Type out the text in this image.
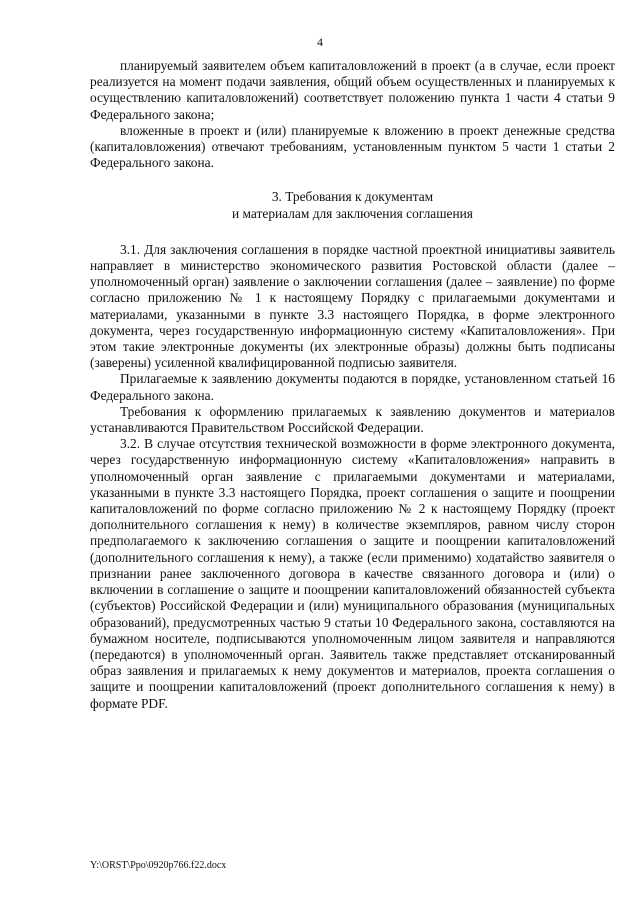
4

планируемый заявителем объем капиталовложений в проект (а в случае, если проект реализуется на момент подачи заявления, общий объем осуществленных и планируемых к осуществлению капиталовложений) соответствует положению пункта 1 части 4 статьи 9 Федерального закона;

вложенные в проект и (или) планируемые к вложению в проект денежные средства (капиталовложения) отвечают требованиям, установленным пунктом 5 части 1 статьи 2 Федерального закона.

3. Требования к документам
и материалам для заключения соглашения

3.1. Для заключения соглашения в порядке частной проектной инициативы заявитель направляет в министерство экономического развития Ростовской области (далее – уполномоченный орган) заявление о заключении соглашения (далее – заявление) по форме согласно приложению № 1 к настоящему Порядку с прилагаемыми документами и материалами, указанными в пункте 3.3 настоящего Порядка, в форме электронного документа, через государственную информационную систему «Капиталовложения». При этом такие электронные документы (их электронные образы) должны быть подписаны (заверены) усиленной квалифицированной подписью заявителя.

Прилагаемые к заявлению документы подаются в порядке, установленном статьей 16 Федерального закона.

Требования к оформлению прилагаемых к заявлению документов и материалов устанавливаются Правительством Российской Федерации.

3.2. В случае отсутствия технической возможности в форме электронного документа, через государственную информационную систему «Капиталовложения» направить в уполномоченный орган заявление с прилагаемыми документами и материалами, указанными в пункте 3.3 настоящего Порядка, проект соглашения о защите и поощрении капиталовложений по форме согласно приложению № 2 к настоящему Порядку (проект дополнительного соглашения к нему) в количестве экземпляров, равном числу сторон предполагаемого к заключению соглашения о защите и поощрении капиталовложений (дополнительного соглашения к нему), а также (если применимо) ходатайство заявителя о признании ранее заключенного договора в качестве связанного договора и (или) о включении в соглашение о защите и поощрении капиталовложений обязанностей субъекта (субъектов) Российской Федерации и (или) муниципального образования (муниципальных образований), предусмотренных частью 9 статьи 10 Федерального закона, составляются на бумажном носителе, подписываются уполномоченным лицом заявителя и направляются (передаются) в уполномоченный орган. Заявитель также представляет отсканированный образ заявления и прилагаемых к нему документов и материалов, проекта соглашения о защите и поощрении капиталовложений (проект дополнительного соглашения к нему) в формате PDF.

Y:\ORST\Ppo\0920p766.f22.docx
